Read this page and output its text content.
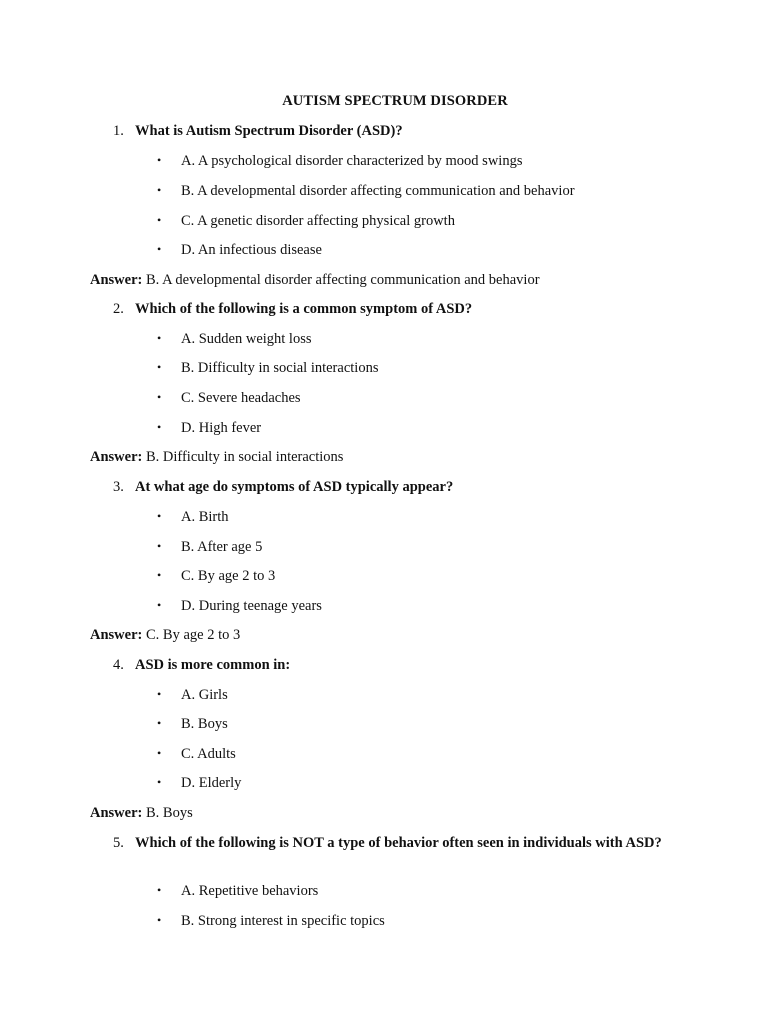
AUTISM SPECTRUM DISORDER
1. What is Autism Spectrum Disorder (ASD)?
• A. A psychological disorder characterized by mood swings
• B. A developmental disorder affecting communication and behavior
• C. A genetic disorder affecting physical growth
• D. An infectious disease
Answer: B. A developmental disorder affecting communication and behavior
2. Which of the following is a common symptom of ASD?
• A. Sudden weight loss
• B. Difficulty in social interactions
• C. Severe headaches
• D. High fever
Answer: B. Difficulty in social interactions
3. At what age do symptoms of ASD typically appear?
• A. Birth
• B. After age 5
• C. By age 2 to 3
• D. During teenage years
Answer: C. By age 2 to 3
4. ASD is more common in:
• A. Girls
• B. Boys
• C. Adults
• D. Elderly
Answer: B. Boys
5. Which of the following is NOT a type of behavior often seen in individuals with ASD?
• A. Repetitive behaviors
• B. Strong interest in specific topics
